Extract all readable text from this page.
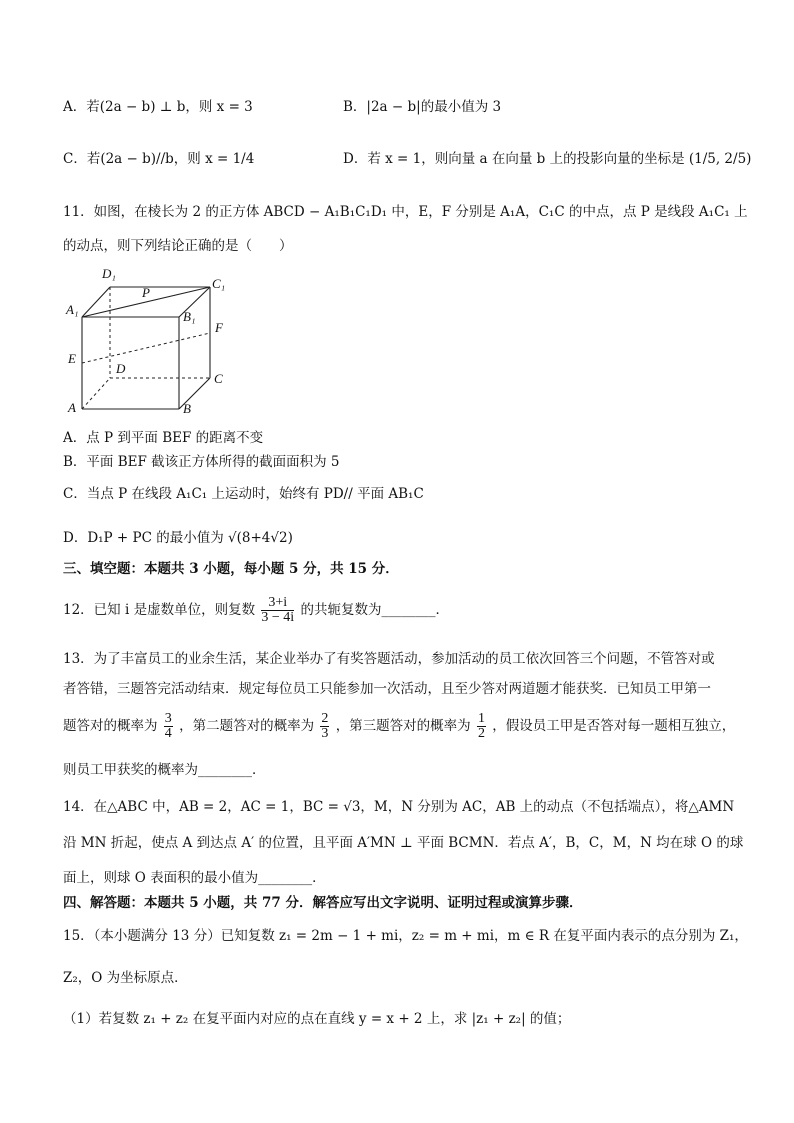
A．若(2a − b) ⊥ b，则 x = 3	B．|2a − b|的最小值为 3
C．若(2a − b)//b，则 x = 1/4	D．若 x = 1，则向量 a 在向量 b 上的投影向量的坐标是 (1/5, 2/5)
11．如图，在棱长为 2 的正方体 ABCD − A₁B₁C₁D₁ 中，E，F 分别是 A₁A，C₁C 的中点，点 P 是线段 A₁C₁ 上
的动点，则下列结论正确的是（　　）
D₁
C₁
P
A₁	B₁
F
E
D
C
A	B
A．点 P 到平面 BEF 的距离不变
B．平面 BEF 截该正方体所得的截面面积为 5
C．当点 P 在线段 A₁C₁ 上运动时，始终有 PD// 平面 AB₁C
D．D₁P + PC 的最小值为 √(8+4√2)
三、填空题：本题共 3 小题，每小题 5 分，共 15 分．
12．已知 i 是虚数单位，则复数 $\frac{3+i}{3 - 4i}$ 的共轭复数为________．
13．为了丰富员工的业余生活，某企业举办了有奖答题活动，参加活动的员工依次回答三个问题，不管答对或
者答错，三题答完活动结束．规定每位员工只能参加一次活动，且至少答对两道题才能获奖．已知员工甲第一
题答对的概率为 $\frac{3}{4}$ ，第二题答对的概率为 $\frac{2}{3}$ ，第三题答对的概率为 $\frac{1}{2}$ ，假设员工甲是否答对每一题相互独立，
则员工甲获奖的概率为________．
14．在△ABC 中，AB = 2，AC = 1，BC = √3，M，N 分别为 AC，AB 上的动点（不包括端点），将△AMN
沿 MN 折起，使点 A 到达点 A′ 的位置，且平面 A′MN ⊥ 平面 BCMN．若点 A′，B，C，M，N 均在球 O 的球
面上，则球 O 表面积的最小值为________．
四、解答题：本题共 5 小题，共 77 分．解答应写出文字说明、证明过程或演算步骤．
15．（本小题满分 13 分）已知复数 z₁ = 2m − 1 + mi，z₂ = m + mi，m ∈ R 在复平面内表示的点分别为 Z₁，
Z₂，O 为坐标原点．
（1）若复数 z₁ + z₂ 在复平面内对应的点在直线 y = x + 2 上，求 |z₁ + z₂| 的值；
